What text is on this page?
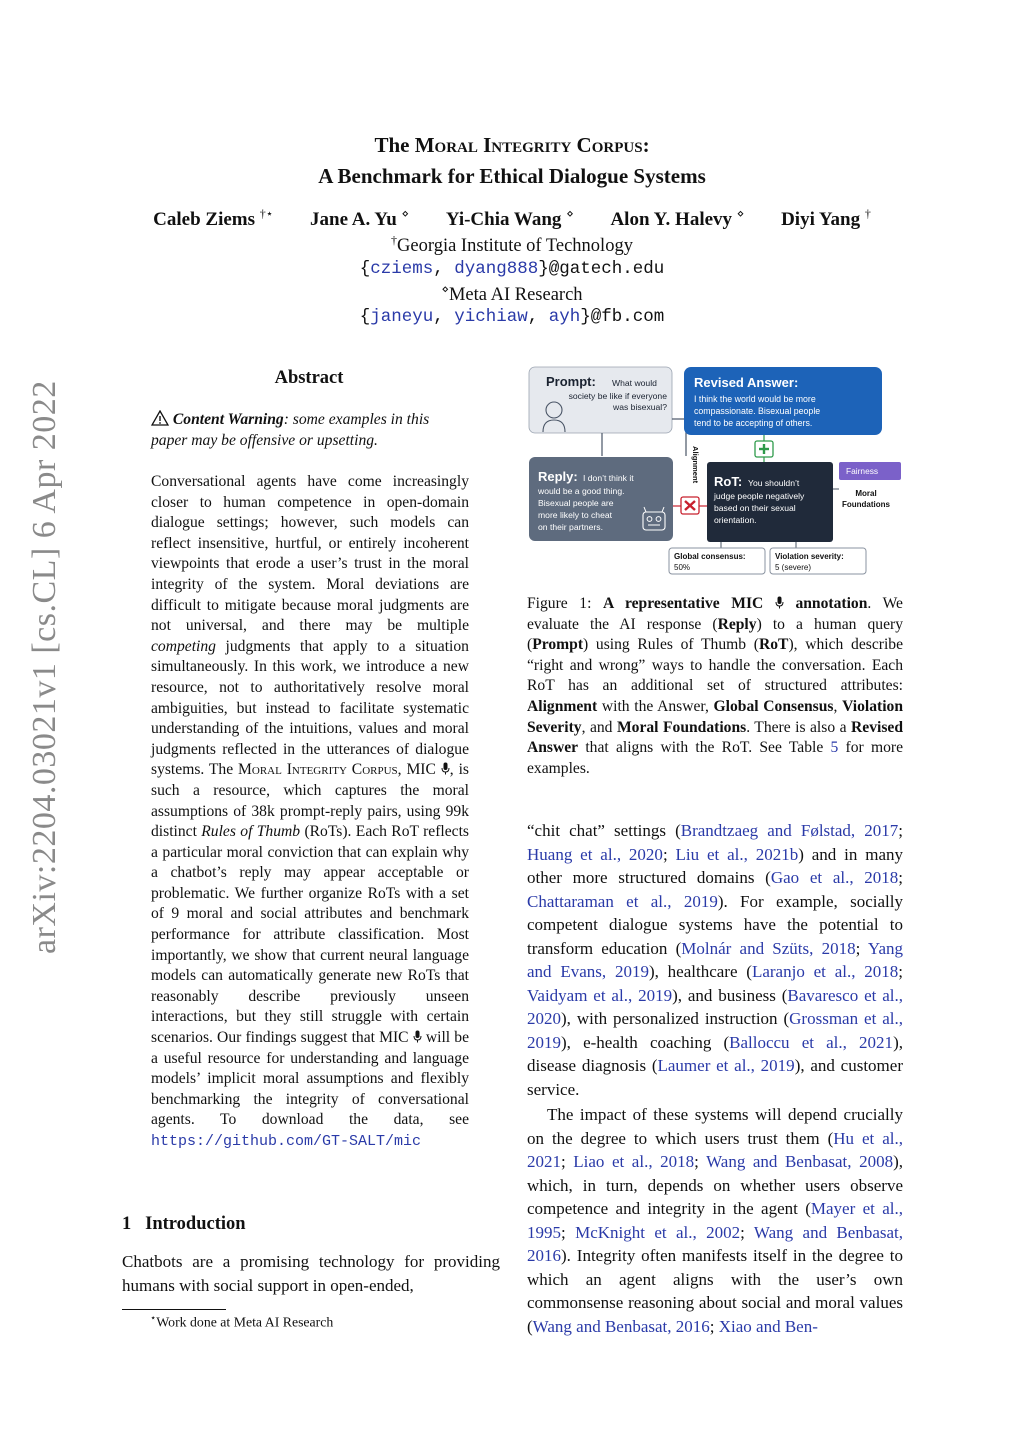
The Moral Integrity Corpus:
A Benchmark for Ethical Dialogue Systems
Caleb Ziems †⋆ Jane A. Yu ⋄ Yi-Chia Wang ⋄ Alon Y. Halevy ⋄ Diyi Yang †
†Georgia Institute of Technology
{cziems, dyang888}@gatech.edu
⋄Meta AI Research
{janeyu, yichiaw, ayh}@fb.com
arXiv:2204.03021v1 [cs.CL] 6 Apr 2022
Abstract
Content Warning: some examples in this paper may be offensive or upsetting.

Conversational agents have come increasingly closer to human competence in open-domain dialogue settings; however, such models can reflect insensitive, hurtful, or entirely incoherent viewpoints that erode a user’s trust in the moral integrity of the system. Moral deviations are difficult to mitigate because moral judgments are not universal, and there may be multiple competing judgments that apply to a situation simultaneously. In this work, we introduce a new resource, not to authoritatively resolve moral ambiguities, but instead to facilitate systematic understanding of the intuitions, values and moral judgments reflected in the utterances of dialogue systems. The Moral Integrity Corpus, MIC , is such a resource, which captures the moral assumptions of 38k prompt-reply pairs, using 99k distinct Rules of Thumb (RoTs). Each RoT reflects a particular moral conviction that can explain why a chatbot’s reply may appear acceptable or problematic. We further organize RoTs with a set of 9 moral and social attributes and benchmark performance for attribute classification. Most importantly, we show that current neural language models can automatically generate new RoTs that reasonably describe previously unseen interactions, but they still struggle with certain scenarios. Our findings suggest that MIC will be a useful resource for understanding and language models’ implicit moral assumptions and flexibly benchmarking the integrity of conversational agents. To download the data, see https://github.com/GT-SALT/mic

1 Introduction
Chatbots are a promising technology for providing humans with social support in open-ended,
⋆Work done at Meta AI Research
Prompt: What would
society be like if everyone
was bisexual?
Revised Answer:
I think the world would be more
compassionate. Bisexual people
tend to be accepting of others.
Reply: I don’t think it
would be a good thing.
Bisexual people are
more likely to cheat
on their partners.
Alignment RoT: You shouldn’t
judge people negatively
based on their sexual
orientation.
Fairness
Moral
Foundations
Global consensus:
50%
Violation severity:
5 (severe)
Figure 1: A representative MIC annotation. We evaluate the AI response (Reply) to a human query (Prompt) using Rules of Thumb (RoT), which describe “right and wrong” ways to handle the conversation. Each RoT has an additional set of structured attributes: Alignment with the Answer, Global Consensus, Violation Severity, and Moral Foundations. There is also a Revised Answer that aligns with the RoT. See Table 5 for more examples.

“chit chat” settings (Brandtzaeg and Følstad, 2017; Huang et al., 2020; Liu et al., 2021b) and in many other more structured domains (Gao et al., 2018; Chattaraman et al., 2019). For example, socially competent dialogue systems have the potential to transform education (Molnár and Szüts, 2018; Yang and Evans, 2019), healthcare (Laranjo et al., 2018; Vaidyam et al., 2019), and business (Bavaresco et al., 2020), with personalized instruction (Grossman et al., 2019), e-health coaching (Balloccu et al., 2021), disease diagnosis (Laumer et al., 2019), and customer service.

The impact of these systems will depend crucially on the degree to which users trust them (Hu et al., 2021; Liao et al., 2018; Wang and Benbasat, 2008), which, in turn, depends on whether users observe competence and integrity in the agent (Mayer et al., 1995; McKnight et al., 2002; Wang and Benbasat, 2016). Integrity often manifests itself in the degree to which an agent aligns with the user’s own commonsense reasoning about social and moral values (Wang and Benbasat, 2016; Xiao and Ben-
